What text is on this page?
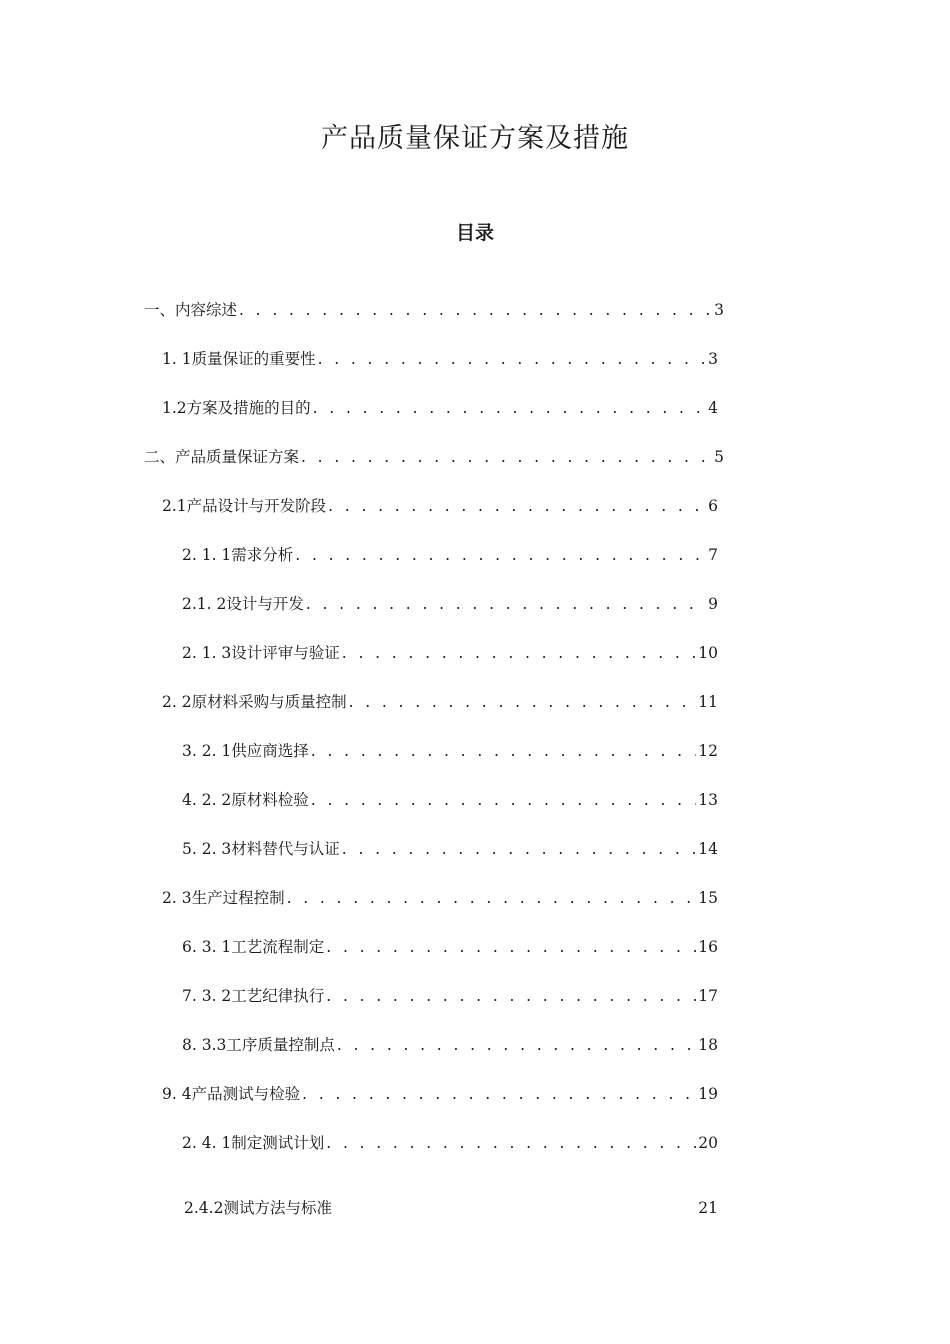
产品质量保证方案及措施
目录
一、内容综述 . . .	3
1. 1质量保证的重要性 . . .	3
1.2方案及措施的目的 . . .	4
二、产品质量保证方案 . . .	5
2.1产品设计与开发阶段 . . .	6
2. 1. 1需求分析 . . .	7
2.1. 2设计与开发 . . .	9
2. 1. 3设计评审与验证 . . .	10
2. 2原材料采购与质量控制 . . .	11
3. 2. 1供应商选择 . . .	12
4. 2. 2原材料检验 . . .	13
5. 2. 3材料替代与认证 . . .	14
2. 3生产过程控制 . . .	15
6. 3. 1工艺流程制定 . . .	16
7. 3. 2工艺纪律执行 . . .	17
8. 3.3工序质量控制点 . . .	18
9. 4产品测试与检验 . . .	19
2. 4. 1制定测试计划 . . .	20
2.4.2测试方法与标准	21
